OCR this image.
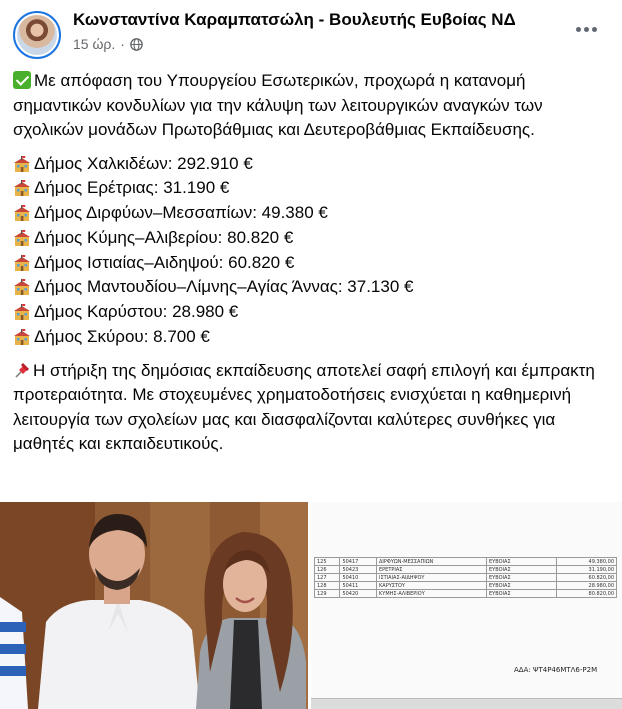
Κωνσταντίνα Καραμπατσώλη - Βουλευτής Ευβοίας ΝΔ
15 ώρ. ·
Με απόφαση του Υπουργείου Εσωτερικών, προχωρά η κατανομή σημαντικών κονδυλίων για την κάλυψη των λειτουργικών αναγκών των σχολικών μονάδων Πρωτοβάθμιας και Δευτεροβάθμιας Εκπαίδευσης.
Δήμος Χαλκιδέων: 292.910 €
Δήμος Ερέτριας: 31.190 €
Δήμος Διρφύων–Μεσσαπίων: 49.380 €
Δήμος Κύμης–Αλιβερίου: 80.820 €
Δήμος Ιστιαίας–Αιδηψού: 60.820 €
Δήμος Μαντουδίου–Λίμνης–Αγίας Άννας: 37.130 €
Δήμος Καρύστου: 28.980 €
Δήμος Σκύρου: 8.700 €
Η στήριξη της δημόσιας εκπαίδευσης αποτελεί σαφή επιλογή και έμπρακτη προτεραιότητα. Με στοχευμένες χρηματοδοτήσεις ενισχύεται η καθημερινή λειτουργία των σχολείων μας και διασφαλίζονται καλύτερες συνθήκες για μαθητές και εκπαιδευτικούς.
125	50417	ΔΙΡΦΥΩΝ-ΜΕΣΣΑΠΙΩΝ	ΕΥΒΟΙΑΣ	49.380,00
126	50423	ΕΡΕΤΡΙΑΣ	ΕΥΒΟΙΑΣ	31.190,00
127	50410	ΙΣΤΙΑΙΑΣ-ΑΙΔΗΨΟΥ	ΕΥΒΟΙΑΣ	60.820,00
128	50411	ΚΑΡΥΣΤΟΥ	ΕΥΒΟΙΑΣ	28.980,00
129	50420	ΚΥΜΗΣ-ΑΛΙΒΕΡΙΟΥ	ΕΥΒΟΙΑΣ	80.820,00
ΑΔΑ: ΨΤ4Ρ46ΜΤΛ6-Ρ2Μ
